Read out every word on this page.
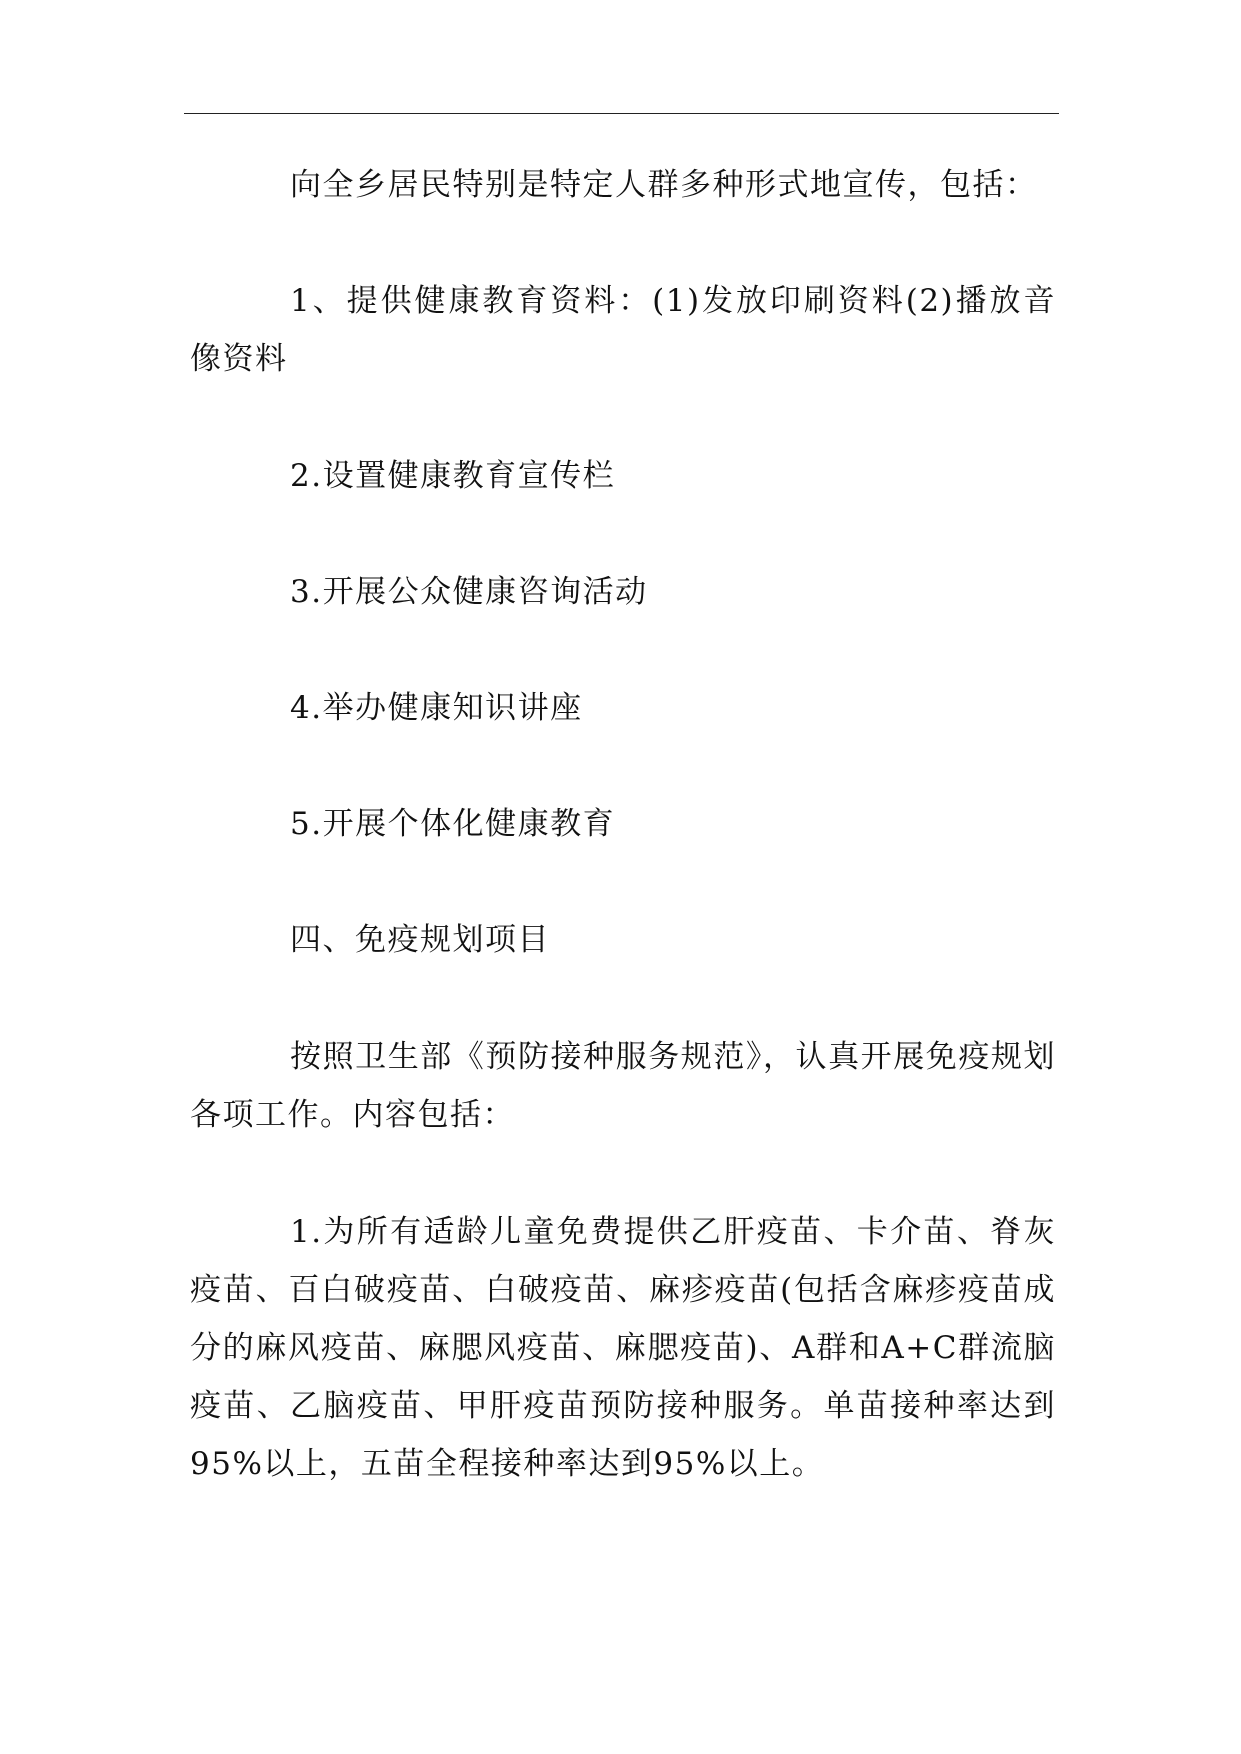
向全乡居民特别是特定人群多种形式地宣传，包括：

1、提供健康教育资料：(1)发放印刷资料(2)播放音像资料

2.设置健康教育宣传栏

3.开展公众健康咨询活动

4.举办健康知识讲座

5.开展个体化健康教育

四、免疫规划项目

按照卫生部《预防接种服务规范》，认真开展免疫规划各项工作。内容包括：

1.为所有适龄儿童免费提供乙肝疫苗、卡介苗、脊灰疫苗、百白破疫苗、白破疫苗、麻疹疫苗(包括含麻疹疫苗成分的麻风疫苗、麻腮风疫苗、麻腮疫苗)、A群和A+C群流脑疫苗、乙脑疫苗、甲肝疫苗预防接种服务。单苗接种率达到95%以上，五苗全程接种率达到95%以上。
